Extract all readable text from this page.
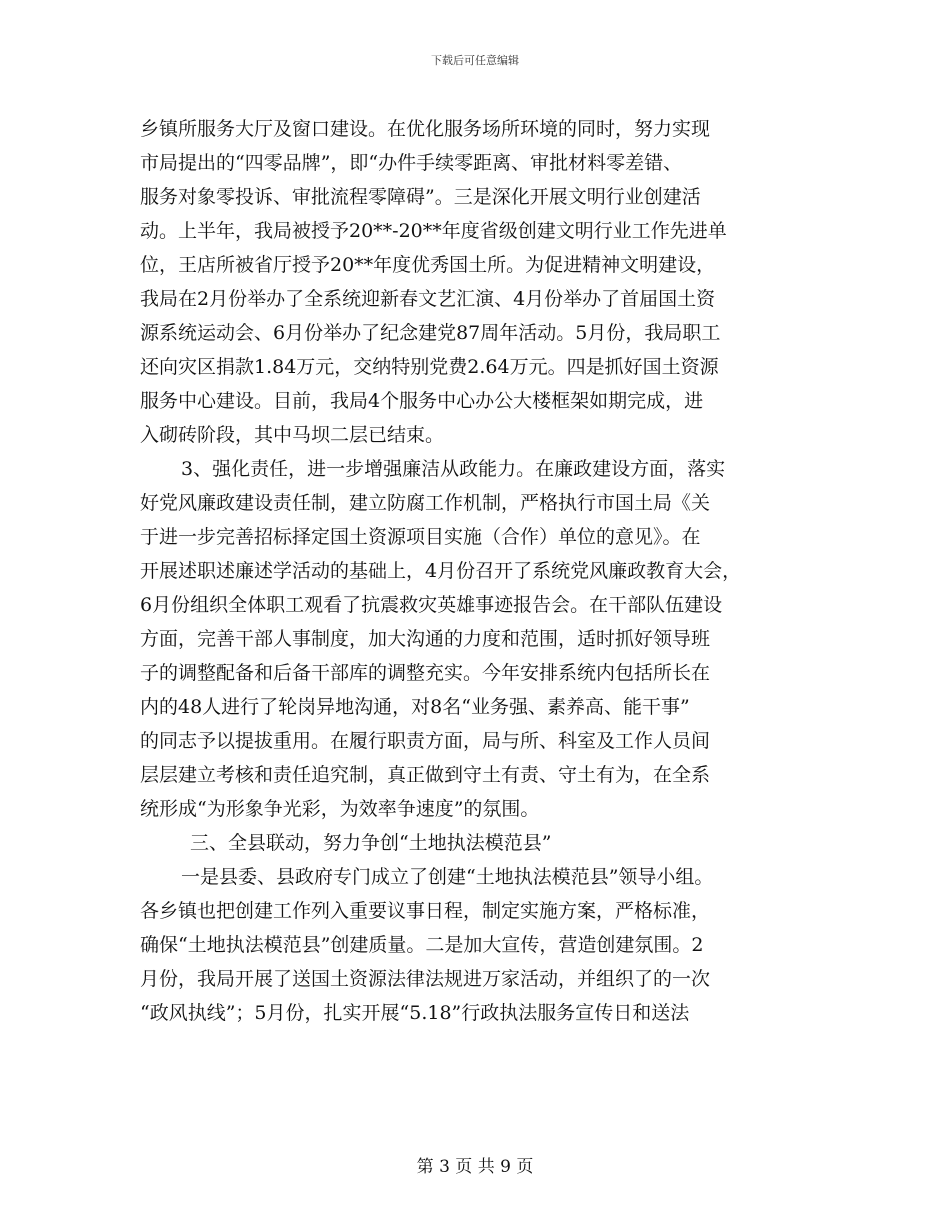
下载后可任意编辑
乡镇所服务大厅及窗口建设。在优化服务场所环境的同时，努力实现
市局提出的“四零品牌”，即“办件手续零距离、审批材料零差错、
服务对象零投诉、审批流程零障碍”。三是深化开展文明行业创建活
动。上半年，我局被授予20**-20**年度省级创建文明行业工作先进单
位，王店所被省厅授予20**年度优秀国土所。为促进精神文明建设，
我局在2月份举办了全系统迎新春文艺汇演、4月份举办了首届国土资
源系统运动会、6月份举办了纪念建党87周年活动。5月份，我局职工
还向灾区捐款1.84万元，交纳特别党费2.64万元。四是抓好国土资源
服务中心建设。目前，我局4个服务中心办公大楼框架如期完成，进
入砌砖阶段，其中马坝二层已结束。
3、强化责任，进一步增强廉洁从政能力。在廉政建设方面，落实
好党风廉政建设责任制，建立防腐工作机制，严格执行市国土局《关
于进一步完善招标择定国土资源项目实施（合作）单位的意见》。在
开展述职述廉述学活动的基础上，4月份召开了系统党风廉政教育大会，
6月份组织全体职工观看了抗震救灾英雄事迹报告会。在干部队伍建设
方面，完善干部人事制度，加大沟通的力度和范围，适时抓好领导班
子的调整配备和后备干部库的调整充实。今年安排系统内包括所长在
内的48人进行了轮岗异地沟通，对8名“业务强、素养高、能干事”
的同志予以提拔重用。在履行职责方面，局与所、科室及工作人员间
层层建立考核和责任追究制，真正做到守土有责、守土有为，在全系
统形成“为形象争光彩，为效率争速度”的氛围。
三、全县联动，努力争创“土地执法模范县”
一是县委、县政府专门成立了创建“土地执法模范县”领导小组。
各乡镇也把创建工作列入重要议事日程，制定实施方案，严格标准，
确保“土地执法模范县”创建质量。二是加大宣传，营造创建氛围。2
月份，我局开展了送国土资源法律法规进万家活动，并组织了的一次
“政风执线”；5月份，扎实开展“5.18”行政执法服务宣传日和送法
第 3 页 共 9 页
